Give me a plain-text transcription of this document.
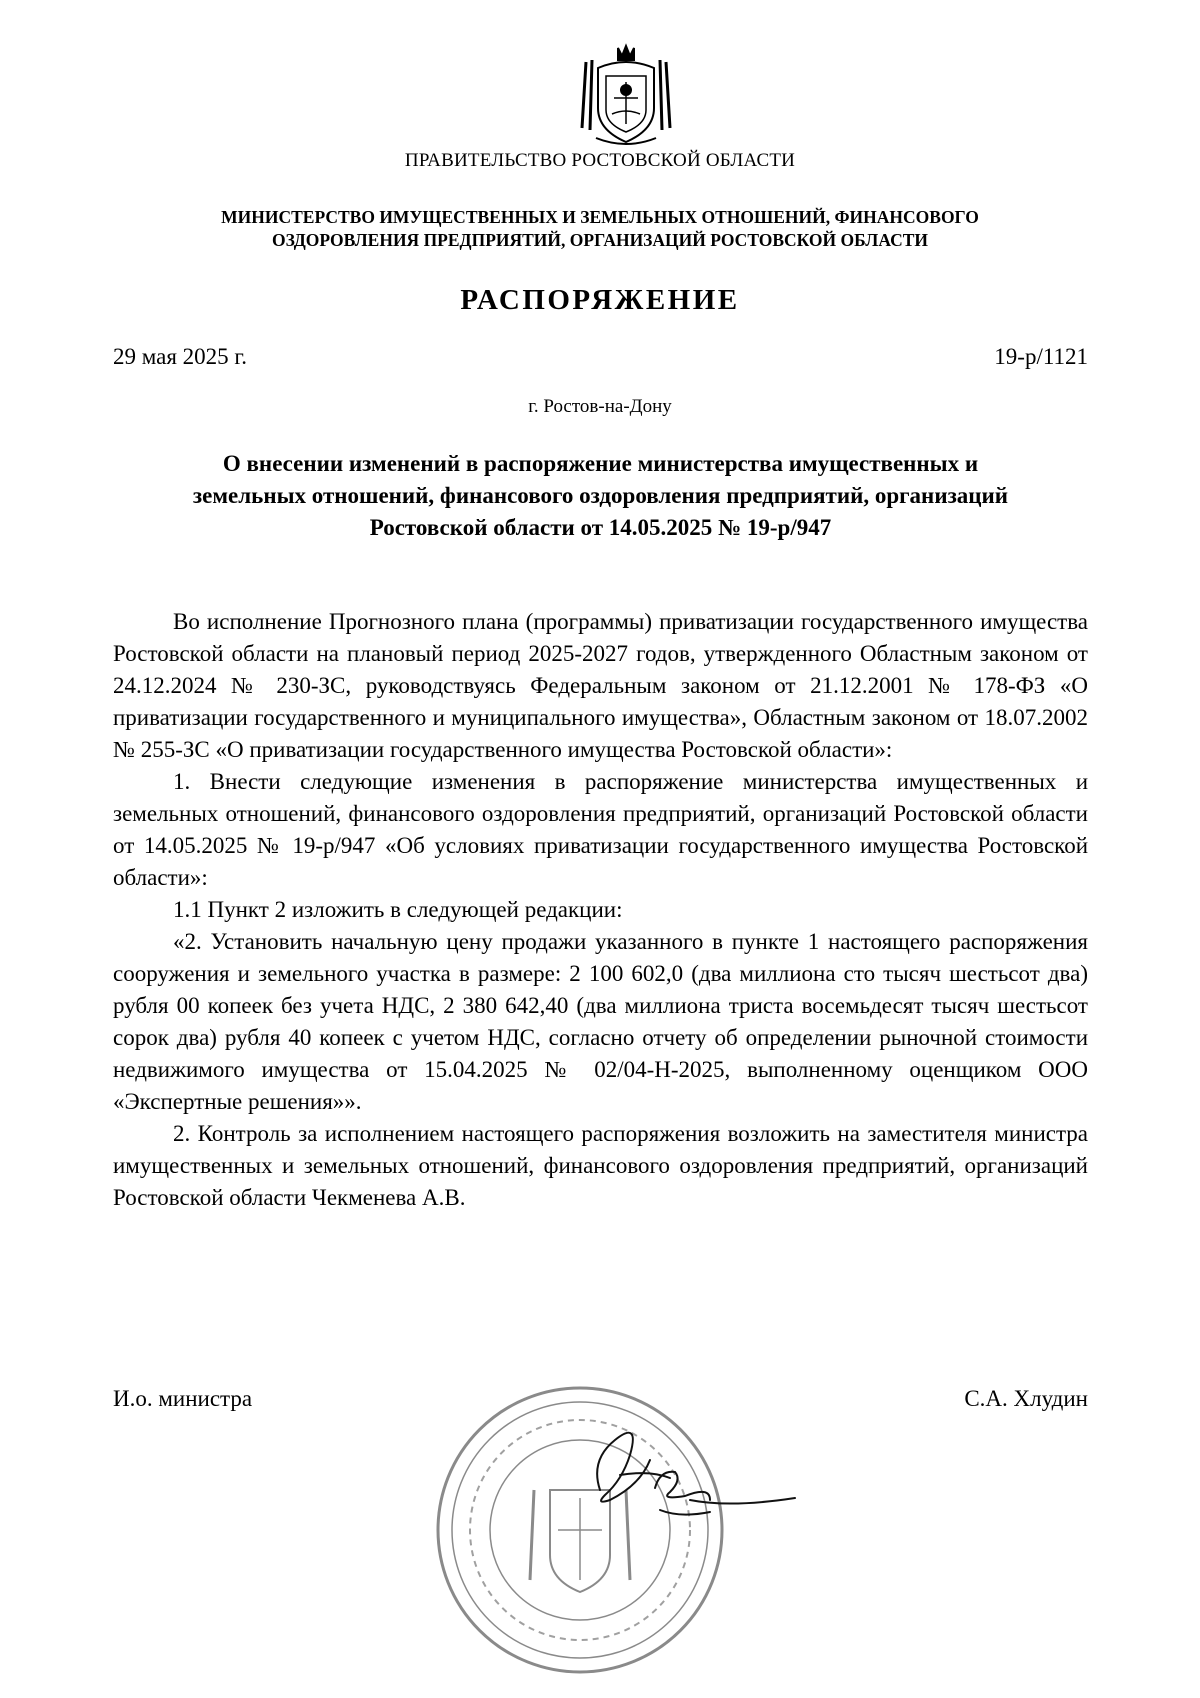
ПРАВИТЕЛЬСТВО РОСТОВСКОЙ ОБЛАСТИ
МИНИСТЕРСТВО ИМУЩЕСТВЕННЫХ И ЗЕМЕЛЬНЫХ ОТНОШЕНИЙ, ФИНАНСОВОГО
ОЗДОРОВЛЕНИЯ ПРЕДПРИЯТИЙ, ОРГАНИЗАЦИЙ РОСТОВСКОЙ ОБЛАСТИ
РАСПОРЯЖЕНИЕ
29 мая 2025 г.	19-р/1121
г. Ростов-на-Дону
О внесении изменений в распоряжение министерства имущественных и
земельных отношений, финансового оздоровления предприятий, организаций
Ростовской области от 14.05.2025 № 19-р/947

Во исполнение Прогнозного плана (программы) приватизации государственного имущества Ростовской области на плановый период 2025-2027 годов, утвержденного Областным законом от 24.12.2024 № 230-ЗС, руководствуясь Федеральным законом от 21.12.2001 № 178-ФЗ «О приватизации государственного и муниципального имущества», Областным законом от 18.07.2002 № 255-ЗС «О приватизации государственного имущества Ростовской области»:

1. Внести следующие изменения в распоряжение министерства имущественных и земельных отношений, финансового оздоровления предприятий, организаций Ростовской области от 14.05.2025 № 19-р/947 «Об условиях приватизации государственного имущества Ростовской области»:

1.1 Пункт 2 изложить в следующей редакции:

«2. Установить начальную цену продажи указанного в пункте 1 настоящего распоряжения сооружения и земельного участка в размере: 2 100 602,0 (два миллиона сто тысяч шестьсот два) рубля 00 копеек без учета НДС, 2 380 642,40 (два миллиона триста восемьдесят тысяч шестьсот сорок два) рубля 40 копеек с учетом НДС, согласно отчету об определении рыночной стоимости недвижимого имущества от 15.04.2025 № 02/04-Н-2025, выполненному оценщиком ООО «Экспертные решения»».

2. Контроль за исполнением настоящего распоряжения возложить на заместителя министра имущественных и земельных отношений, финансового оздоровления предприятий, организаций Ростовской области Чекменева А.В.

И.о. министра	С.А. Хлудин
